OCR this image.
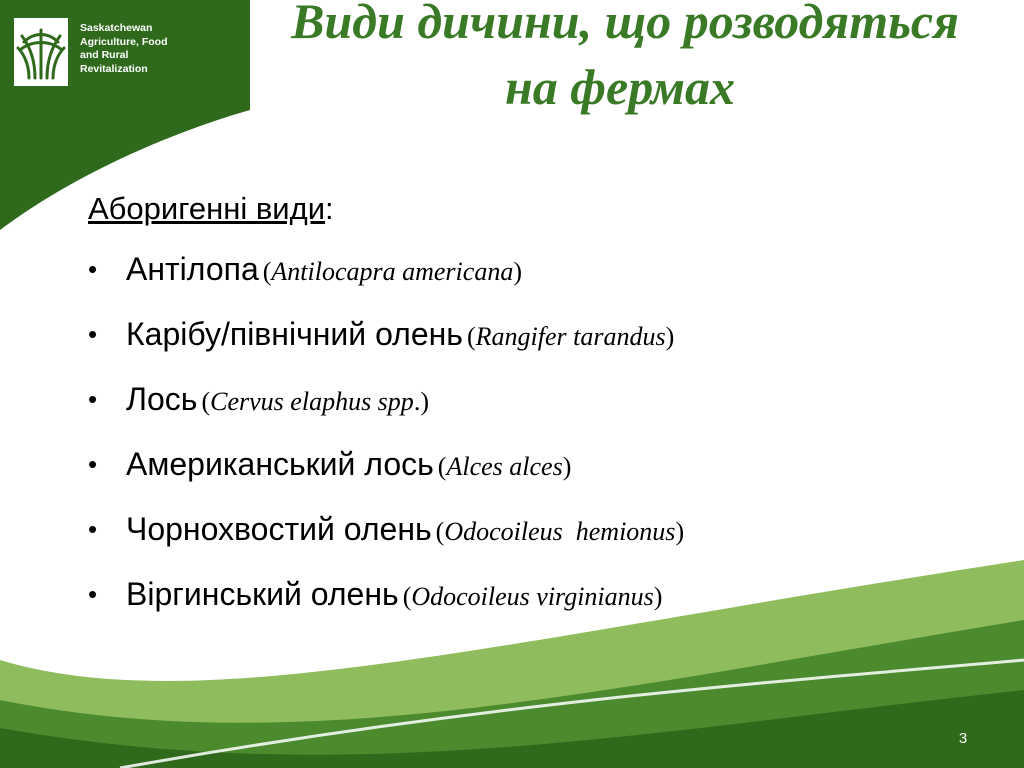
Saskatchewan
Agriculture, Food
and Rural
Revitalization
Види дичини, що розводяться
на фермах
Аборигенні види:
• Антілопа (Antilocapra americana)
• Карібу/північний олень (Rangifer tarandus)
• Лось (Cervus elaphus spp.)
• Американський лось (Alces alces)
• Чорнохвостий олень (Odocoileus  hemionus)
• Віргинський олень (Odocoileus virginianus)
3
